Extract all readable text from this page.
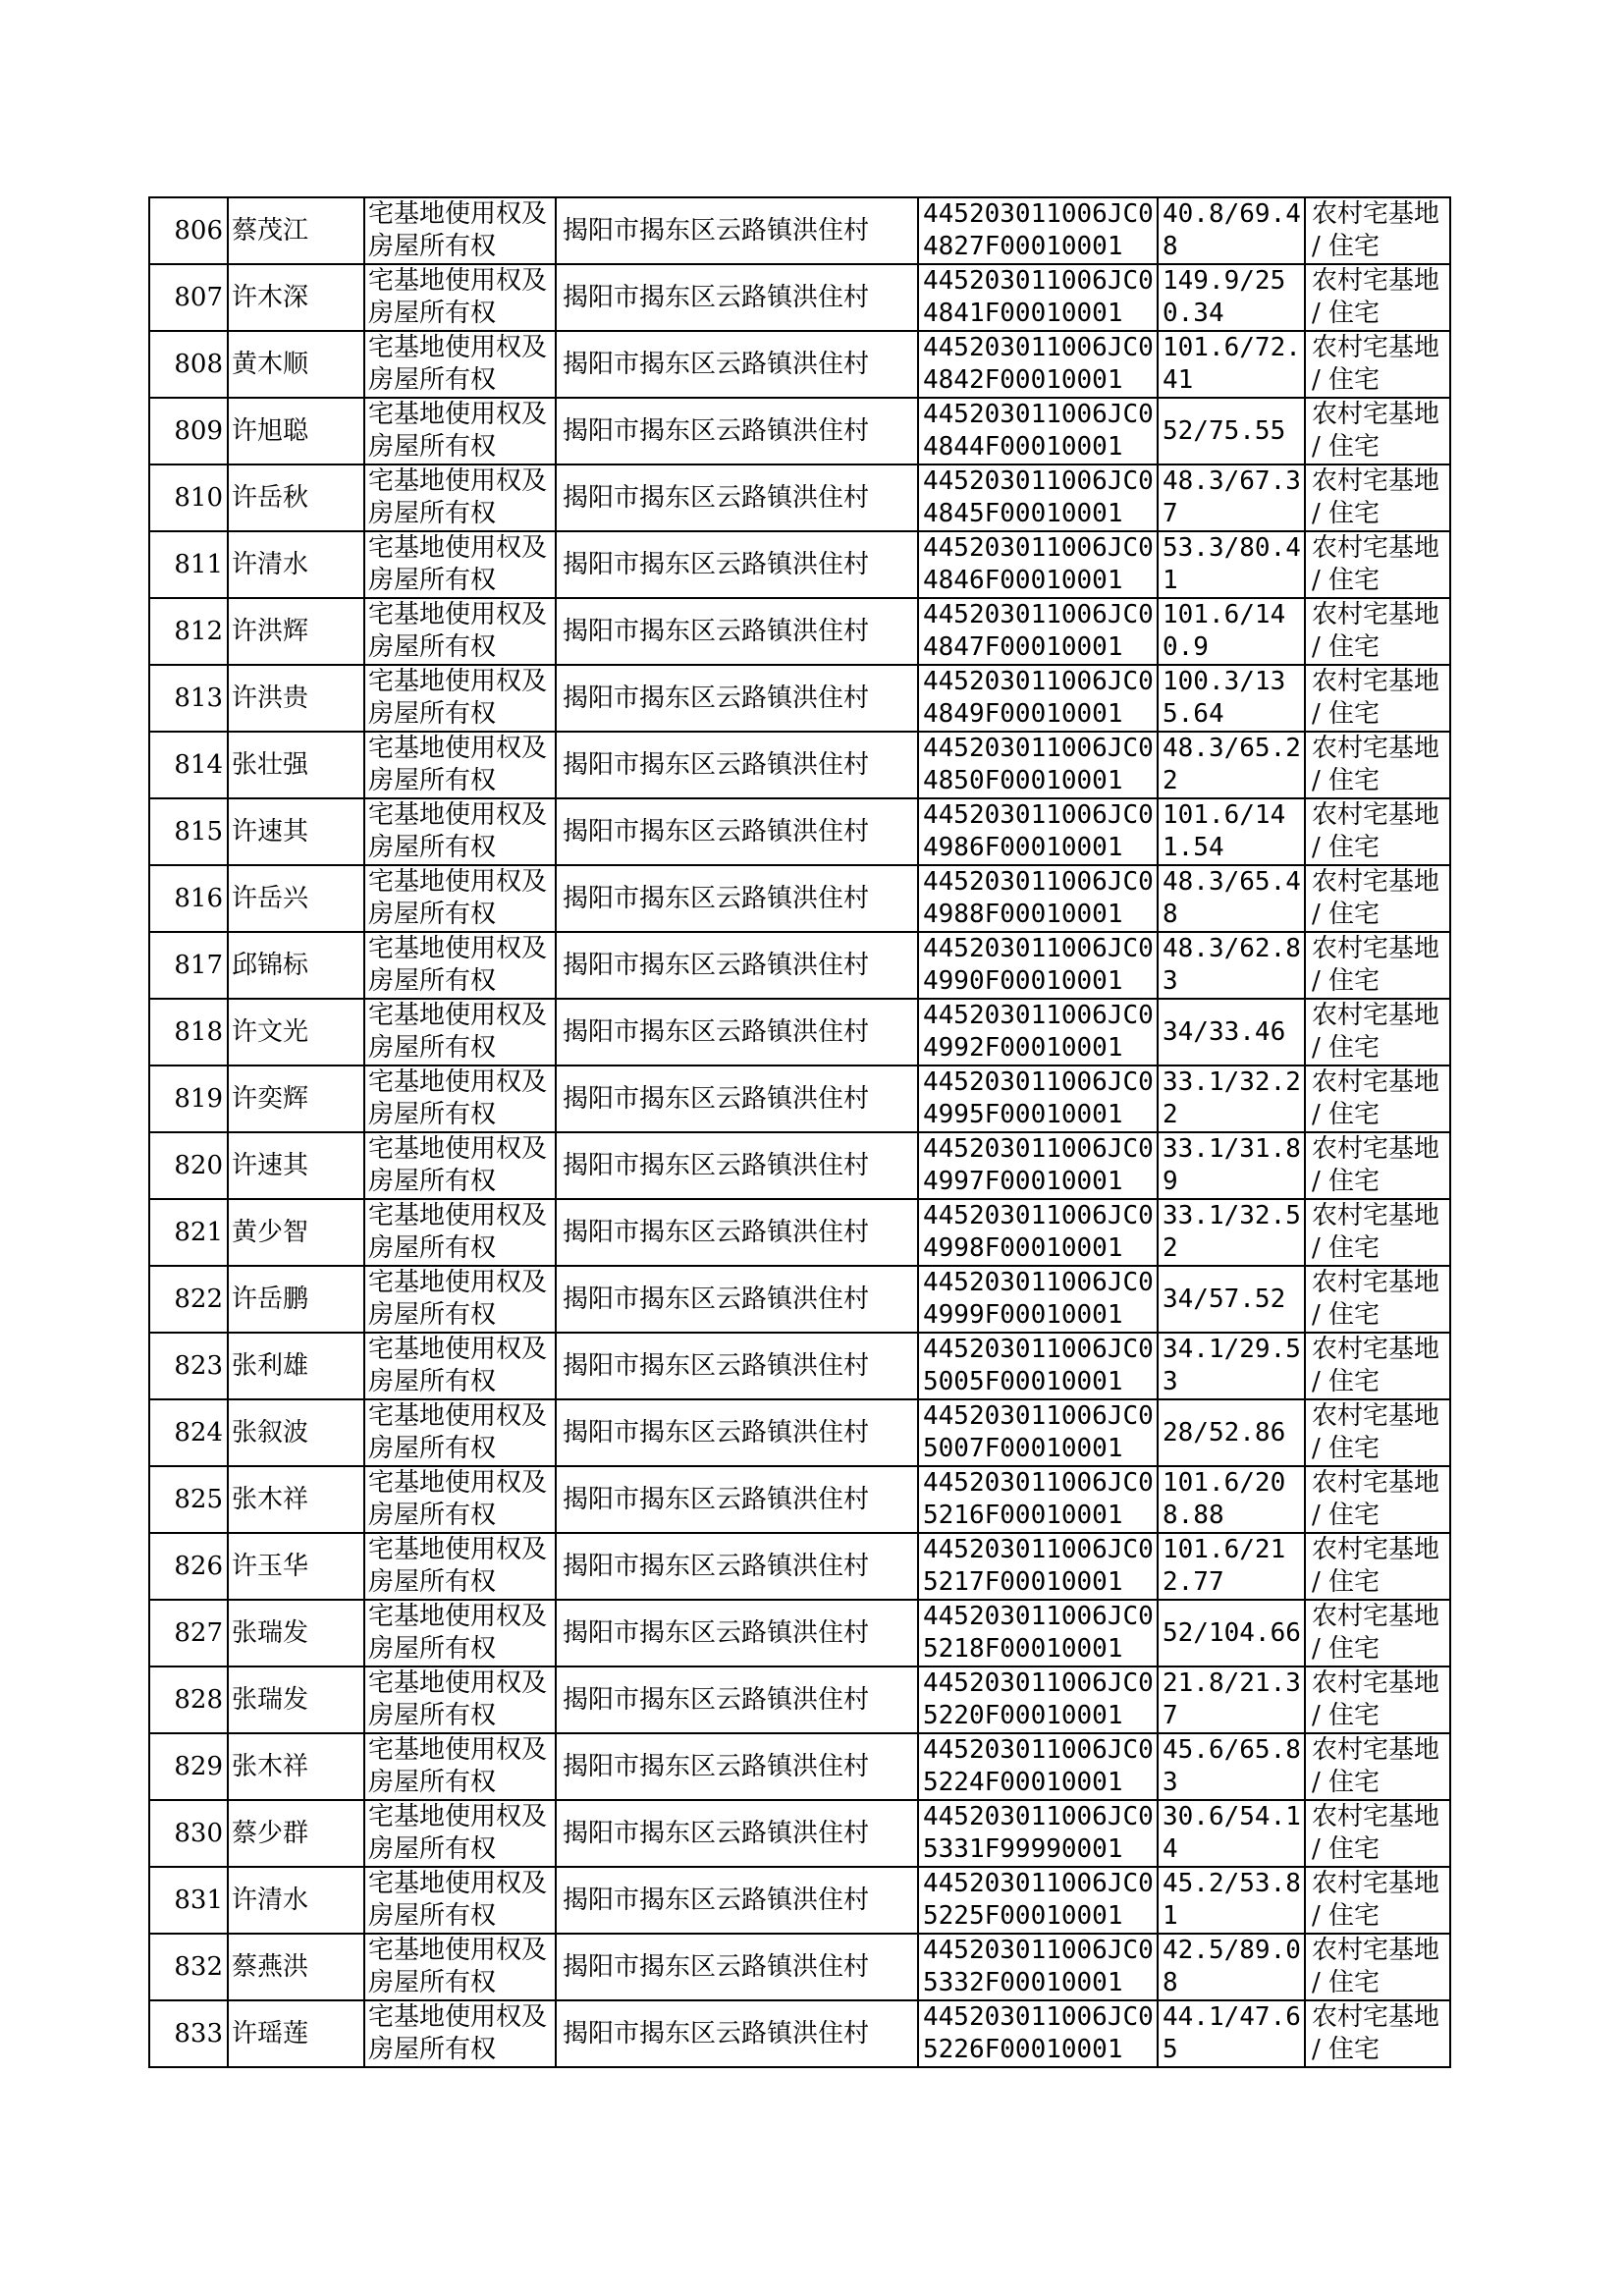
806	蔡茂江	宅基地使用权及房屋所有权	揭阳市揭东区云路镇洪住村	445203011006JC04827F00010001	40.8/69.48	农村宅基地 / 住宅
807	许木深	宅基地使用权及房屋所有权	揭阳市揭东区云路镇洪住村	445203011006JC04841F00010001	149.9/250.34	农村宅基地 / 住宅
808	黄木顺	宅基地使用权及房屋所有权	揭阳市揭东区云路镇洪住村	445203011006JC04842F00010001	101.6/72.41	农村宅基地 / 住宅
809	许旭聪	宅基地使用权及房屋所有权	揭阳市揭东区云路镇洪住村	445203011006JC04844F00010001	52/75.55	农村宅基地 / 住宅
810	许岳秋	宅基地使用权及房屋所有权	揭阳市揭东区云路镇洪住村	445203011006JC04845F00010001	48.3/67.37	农村宅基地 / 住宅
811	许清水	宅基地使用权及房屋所有权	揭阳市揭东区云路镇洪住村	445203011006JC04846F00010001	53.3/80.41	农村宅基地 / 住宅
812	许洪辉	宅基地使用权及房屋所有权	揭阳市揭东区云路镇洪住村	445203011006JC04847F00010001	101.6/140.9	农村宅基地 / 住宅
813	许洪贵	宅基地使用权及房屋所有权	揭阳市揭东区云路镇洪住村	445203011006JC04849F00010001	100.3/135.64	农村宅基地 / 住宅
814	张壮强	宅基地使用权及房屋所有权	揭阳市揭东区云路镇洪住村	445203011006JC04850F00010001	48.3/65.22	农村宅基地 / 住宅
815	许速其	宅基地使用权及房屋所有权	揭阳市揭东区云路镇洪住村	445203011006JC04986F00010001	101.6/141.54	农村宅基地 / 住宅
816	许岳兴	宅基地使用权及房屋所有权	揭阳市揭东区云路镇洪住村	445203011006JC04988F00010001	48.3/65.48	农村宅基地 / 住宅
817	邱锦标	宅基地使用权及房屋所有权	揭阳市揭东区云路镇洪住村	445203011006JC04990F00010001	48.3/62.83	农村宅基地 / 住宅
818	许文光	宅基地使用权及房屋所有权	揭阳市揭东区云路镇洪住村	445203011006JC04992F00010001	34/33.46	农村宅基地 / 住宅
819	许奕辉	宅基地使用权及房屋所有权	揭阳市揭东区云路镇洪住村	445203011006JC04995F00010001	33.1/32.22	农村宅基地 / 住宅
820	许速其	宅基地使用权及房屋所有权	揭阳市揭东区云路镇洪住村	445203011006JC04997F00010001	33.1/31.89	农村宅基地 / 住宅
821	黄少智	宅基地使用权及房屋所有权	揭阳市揭东区云路镇洪住村	445203011006JC04998F00010001	33.1/32.52	农村宅基地 / 住宅
822	许岳鹏	宅基地使用权及房屋所有权	揭阳市揭东区云路镇洪住村	445203011006JC04999F00010001	34/57.52	农村宅基地 / 住宅
823	张利雄	宅基地使用权及房屋所有权	揭阳市揭东区云路镇洪住村	445203011006JC05005F00010001	34.1/29.53	农村宅基地 / 住宅
824	张叙波	宅基地使用权及房屋所有权	揭阳市揭东区云路镇洪住村	445203011006JC05007F00010001	28/52.86	农村宅基地 / 住宅
825	张木祥	宅基地使用权及房屋所有权	揭阳市揭东区云路镇洪住村	445203011006JC05216F00010001	101.6/208.88	农村宅基地 / 住宅
826	许玉华	宅基地使用权及房屋所有权	揭阳市揭东区云路镇洪住村	445203011006JC05217F00010001	101.6/212.77	农村宅基地 / 住宅
827	张瑞发	宅基地使用权及房屋所有权	揭阳市揭东区云路镇洪住村	445203011006JC05218F00010001	52/104.66	农村宅基地 / 住宅
828	张瑞发	宅基地使用权及房屋所有权	揭阳市揭东区云路镇洪住村	445203011006JC05220F00010001	21.8/21.37	农村宅基地 / 住宅
829	张木祥	宅基地使用权及房屋所有权	揭阳市揭东区云路镇洪住村	445203011006JC05224F00010001	45.6/65.83	农村宅基地 / 住宅
830	蔡少群	宅基地使用权及房屋所有权	揭阳市揭东区云路镇洪住村	445203011006JC05331F99990001	30.6/54.14	农村宅基地 / 住宅
831	许清水	宅基地使用权及房屋所有权	揭阳市揭东区云路镇洪住村	445203011006JC05225F00010001	45.2/53.81	农村宅基地 / 住宅
832	蔡燕洪	宅基地使用权及房屋所有权	揭阳市揭东区云路镇洪住村	445203011006JC05332F00010001	42.5/89.08	农村宅基地 / 住宅
833	许瑶莲	宅基地使用权及房屋所有权	揭阳市揭东区云路镇洪住村	445203011006JC05226F00010001	44.1/47.65	农村宅基地 / 住宅
